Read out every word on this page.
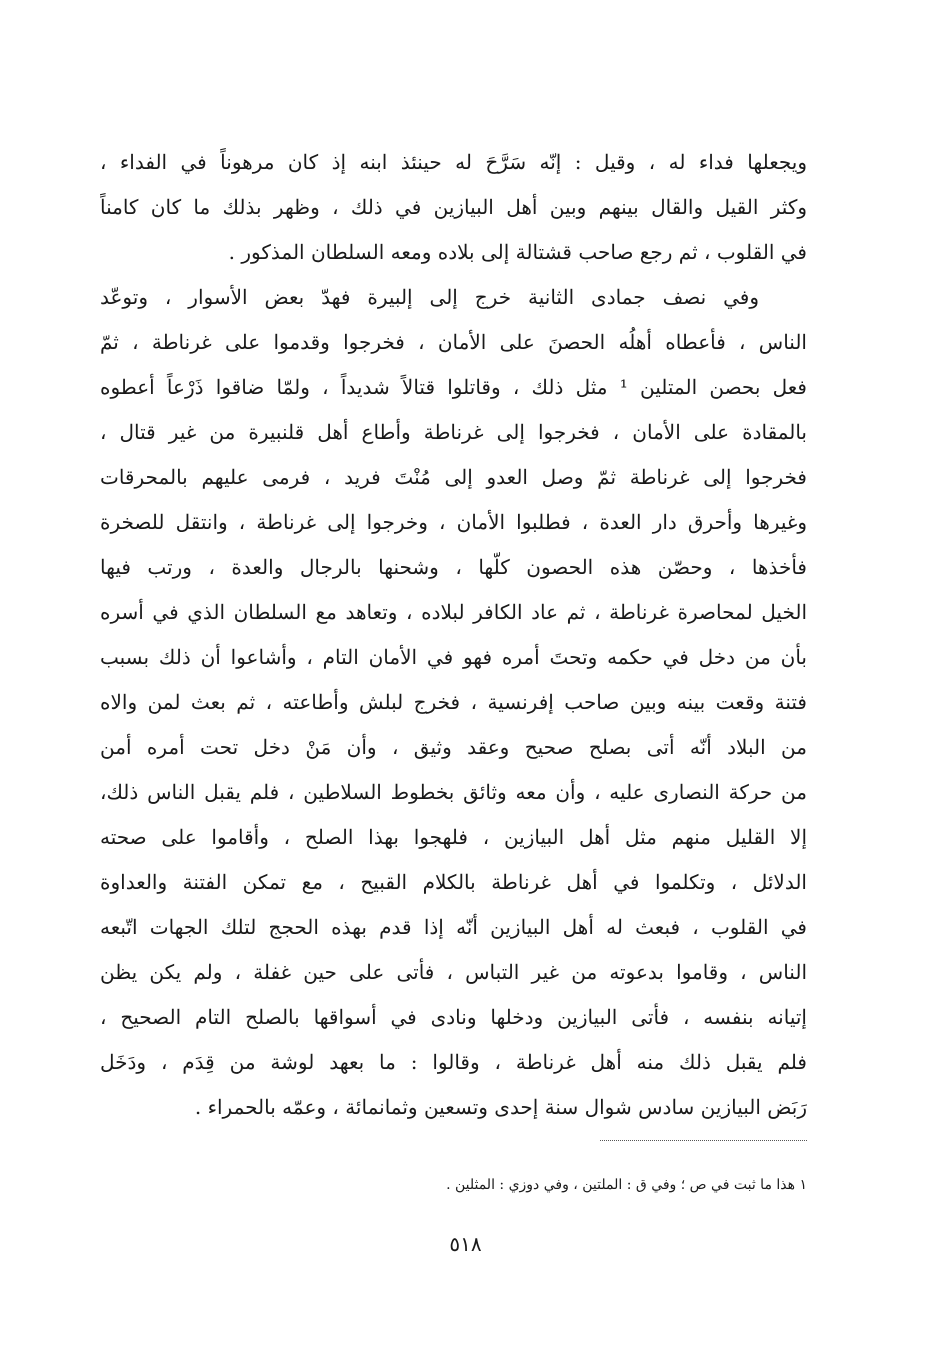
ويجعلها فداء له ، وقيل : إنّه سَرَّحَ له حينئذ ابنه إذ كان مرهوناً في الفداء ،
وكثر القيل والقال بينهم وبين أهل البيازين في ذلك ، وظهر بذلك ما كان كامناً
في القلوب ، ثم رجع صاحب قشتالة إلى بلاده ومعه السلطان المذكور .
وفي نصف جمادى الثانية خرج إلى إلبيرة فهدّ بعض الأسوار ، وتوعّد
الناس ، فأعطاه أهلُه الحصنَ على الأمان ، فخرجوا وقدموا على غرناطة ، ثمّ
فعل بحصن المتلين ¹ مثل ذلك ، وقاتلوا قتالاً شديداً ، ولمّا ضاقوا ذَرْعاً أعطوه
بالمقادة على الأمان ، فخرجوا إلى غرناطة وأطاع أهل قلنبيرة من غير قتال ،
فخرجوا إلى غرناطة ثمّ وصل العدو إلى مُنْتَ فريد ، فرمى عليهم بالمحرقات
وغيرها وأحرق دار العدة ، فطلبوا الأمان ، وخرجوا إلى غرناطة ، وانتقل للصخرة
فأخذها ، وحصّن هذه الحصون كلّها ، وشحنها بالرجال والعدة ، ورتب فيها
الخيل لمحاصرة غرناطة ، ثم عاد الكافر لبلاده ، وتعاهد مع السلطان الذي في أسره
بأن من دخل في حكمه وتحتَ أمره فهو في الأمان التام ، وأشاعوا أن ذلك بسبب
فتنة وقعت بينه وبين صاحب إفرنسية ، فخرج لبلش وأطاعته ، ثم بعث لمن والاه
من البلاد أنّه أتى بصلح صحيح وعقد وثيق ، وأن مَنْ دخل تحت أمره أمن
من حركة النصارى عليه ، وأن معه وثائق بخطوط السلاطين ، فلم يقبل الناس ذلك،
إلا القليل منهم مثل أهل البيازين ، فلهجوا بهذا الصلح ، وأقاموا على صحته
الدلائل ، وتكلموا في أهل غرناطة بالكلام القبيح ، مع تمكن الفتنة والعداوة
في القلوب ، فبعث له أهل البيازين أنّه إذا قدم بهذه الحجج لتلك الجهات اتّبعه
الناس ، وقاموا بدعوته من غير التباس ، فأتى على حين غفلة ، ولم يكن يظن
إتيانه بنفسه ، فأتى البيازين ودخلها ونادى في أسواقها بالصلح التام الصحيح ،
فلم يقبل ذلك منه أهل غرناطة ، وقالوا : ما بعهد لوشة من قِدَم ، ودَخَل
رَبَض البيازين سادس شوال سنة إحدى وتسعين وثمانمائة ، وعمّه بالحمراء .
١ هذا ما ثبت في ص ؛ وفي ق : الملتين ، وفي دوزي : المثلين .
٥١٨
